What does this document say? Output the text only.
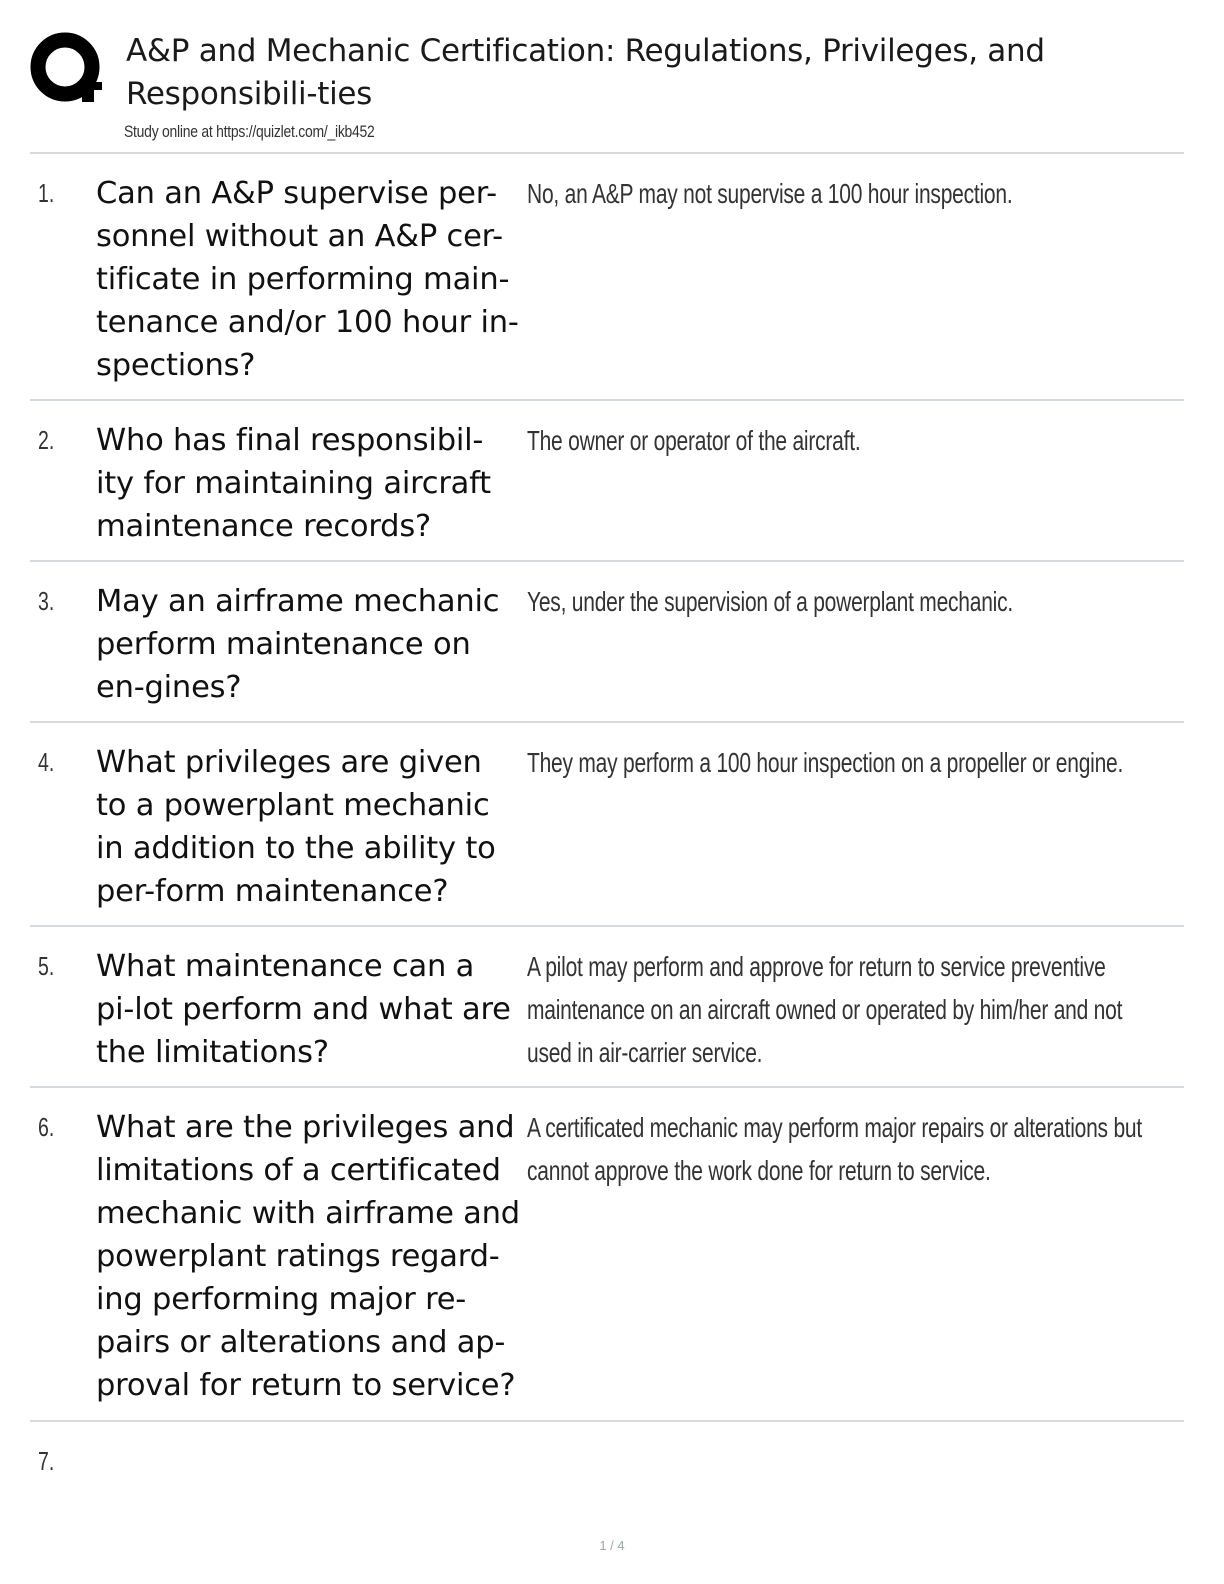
A&P and Mechanic Certification: Regulations, Privileges, and Responsibili-ties
Study online at https://quizlet.com/_ikb452
1. Can an A&P supervise per-sonnel without an A&P cer-tificate in performing main-tenance and/or 100 hour in-spections?
No, an A&P may not supervise a 100 hour inspection.
2. Who has final responsibil-ity for maintaining aircraft maintenance records?
The owner or operator of the aircraft.
3. May an airframe mechanic perform maintenance on en-gines?
Yes, under the supervision of a powerplant mechanic.
4. What privileges are given to a powerplant mechanic in addition to the ability to per-form maintenance?
They may perform a 100 hour inspection on a propeller or engine.
5. What maintenance can a pi-lot perform and what are the limitations?
A pilot may perform and approve for return to service preventive maintenance on an aircraft owned or operated by him/her and not used in air-carrier service.
6. What are the privileges and limitations of a certificated mechanic with airframe and powerplant ratings regard-ing performing major re-pairs or alterations and ap-proval for return to service?
A certificated mechanic may perform major repairs or alterations but cannot approve the work done for return to service.
7.
1 / 4
